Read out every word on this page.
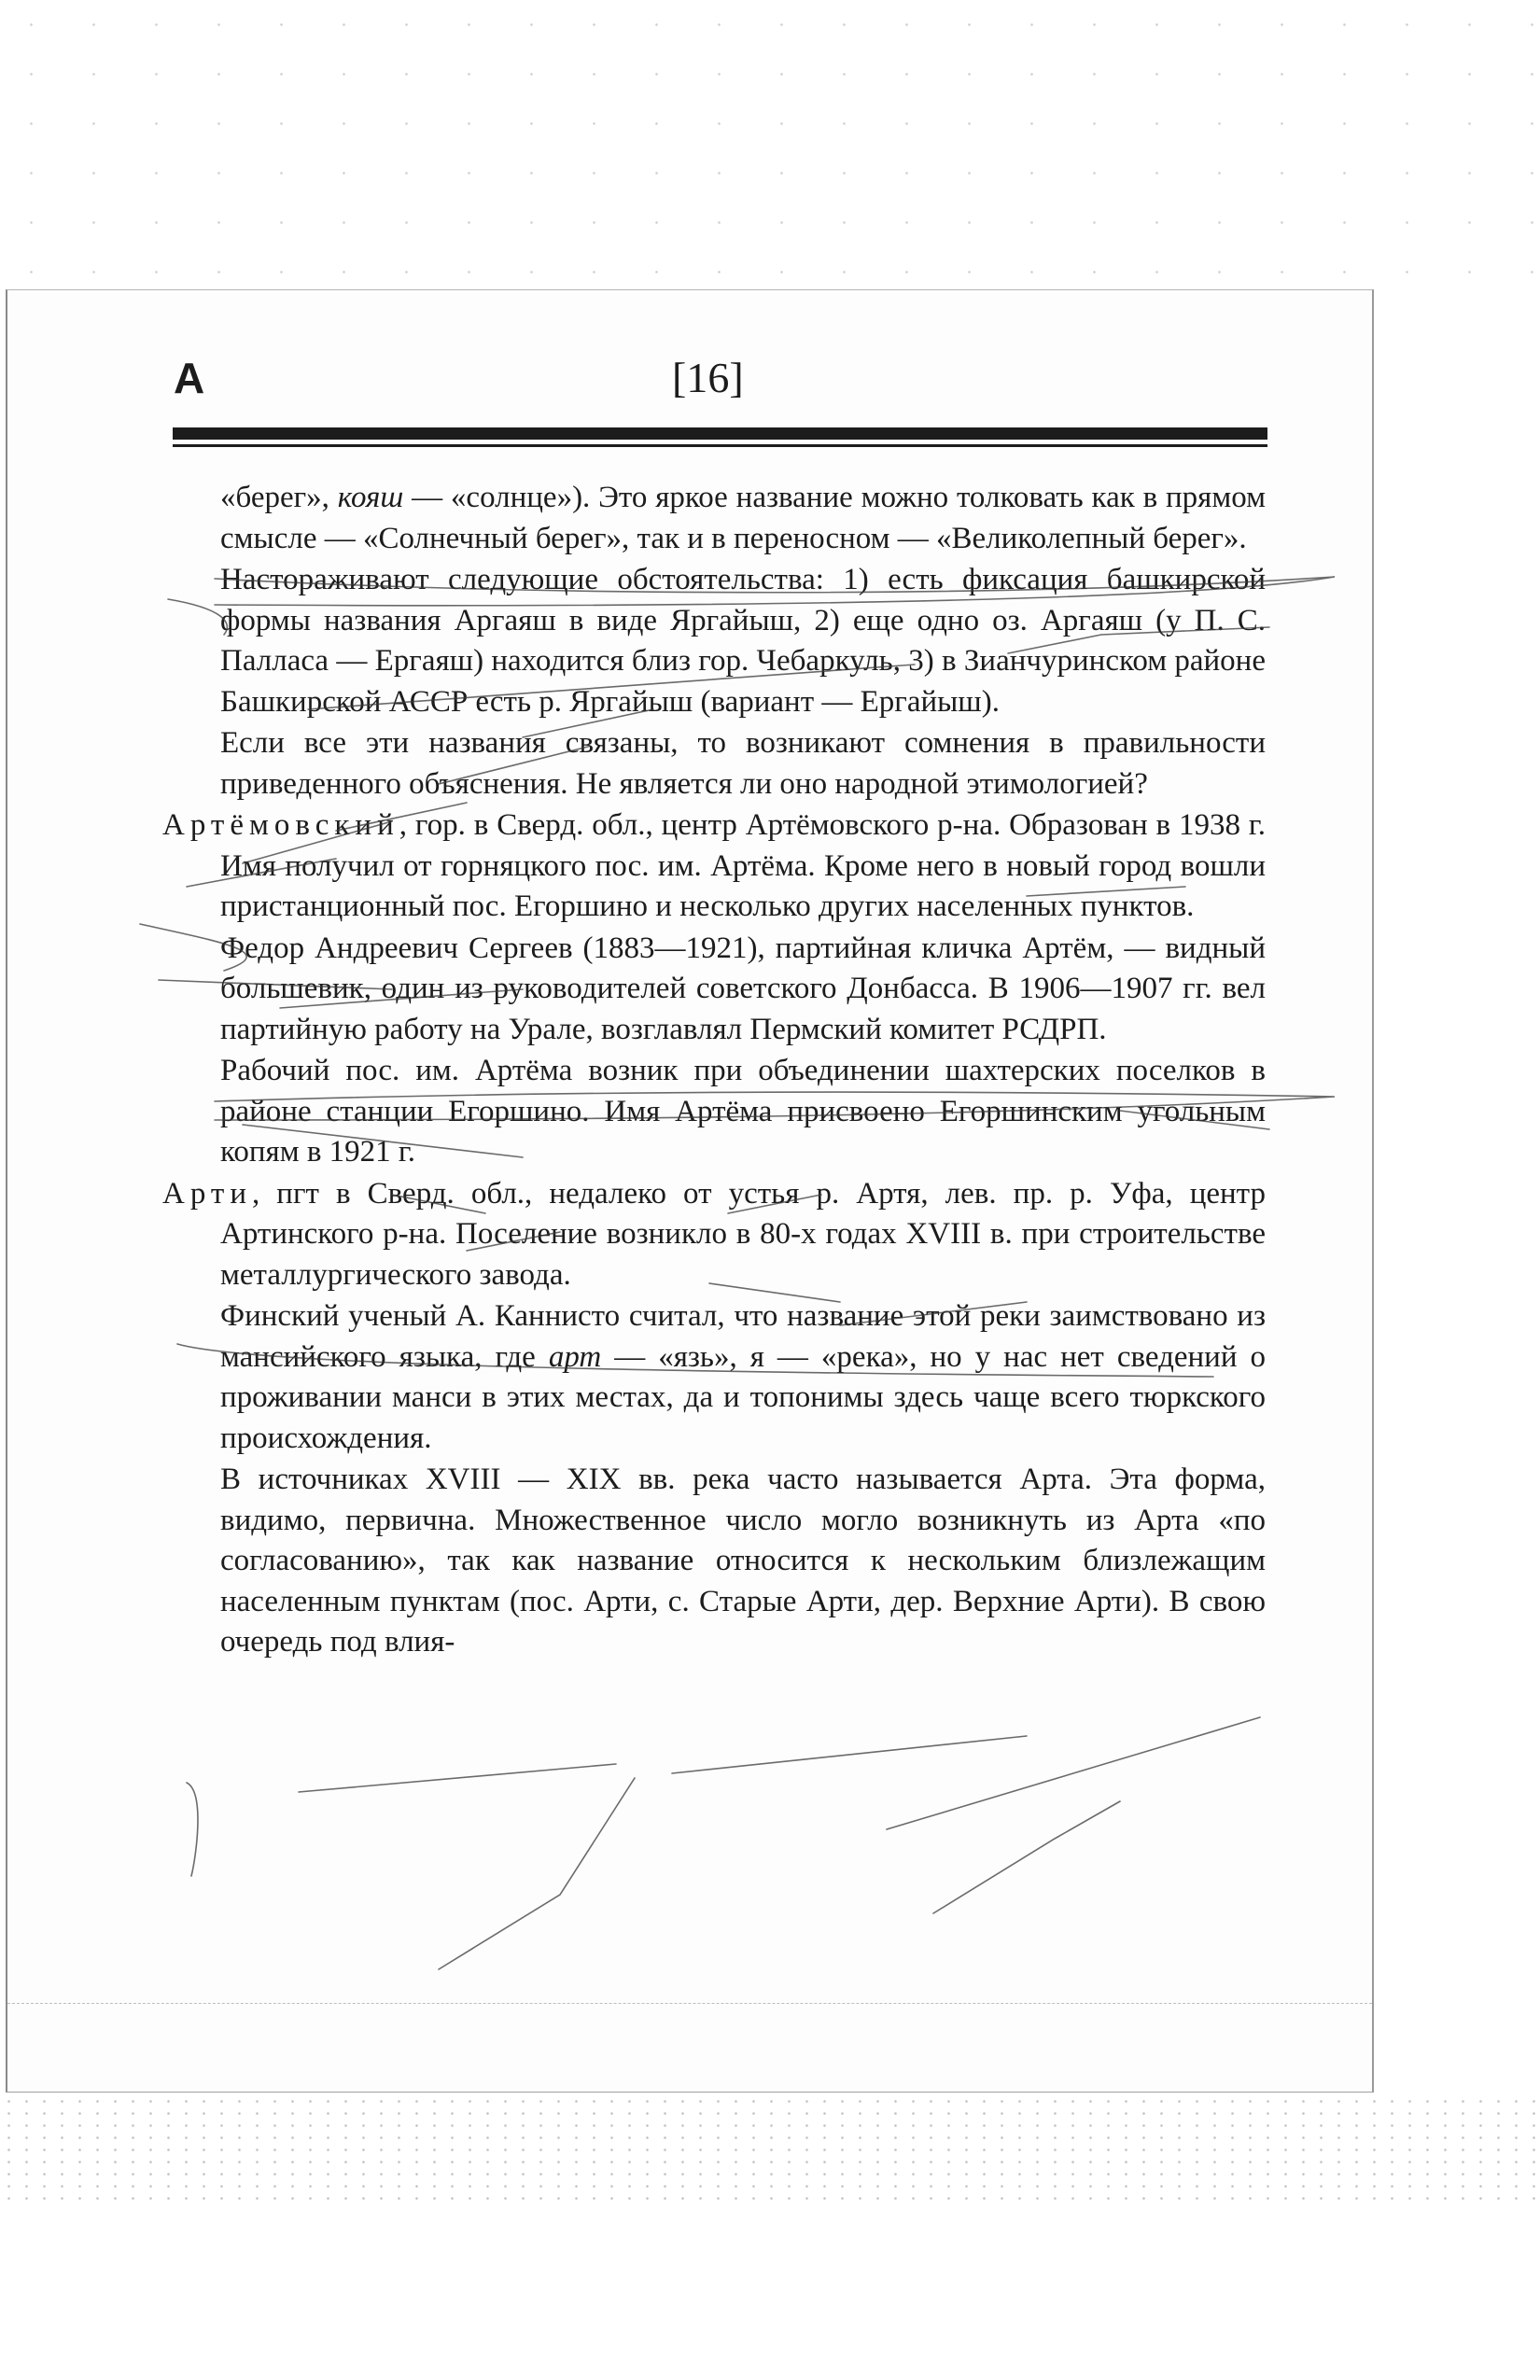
А	[16]

«берег», кояш — «солнце»). Это яркое название можно толковать как в прямом смысле — «Солнечный берег», так и в переносном — «Великолепный берег».

Настораживают следующие обстоятельства: 1) есть фиксация башкирской формы названия Аргаяш в виде Яргайыш, 2) еще одно оз. Аргаяш (у П. С. Палласа — Ергаяш) находится близ гор. Чебаркуль, 3) в Зианчуринском районе Башкирской АССР есть р. Яргайыш (вариант — Ергайыш).

Если все эти названия связаны, то возникают сомнения в правильности приведенного объяснения. Не является ли оно народной этимологией?

Артёмовский, гор. в Сверд. обл., центр Артёмовского р-на. Образован в 1938 г. Имя получил от горняцкого пос. им. Артёма. Кроме него в новый город вошли пристанционный пос. Егоршино и несколько других населенных пунктов.

Федор Андреевич Сергеев (1883—1921), партийная кличка Артём, — видный большевик, один из руководителей советского Донбасса. В 1906—1907 гг. вел партийную работу на Урале, возглавлял Пермский комитет РСДРП.

Рабочий пос. им. Артёма возник при объединении шахтерских поселков в районе станции Егоршино. Имя Артёма присвоено Егоршинским угольным копям в 1921 г.

Арти, пгт в Сверд. обл., недалеко от устья р. Артя, лев. пр. р. Уфа, центр Артинского р-на. Поселение возникло в 80-х годах XVIII в. при строительстве металлургического завода.

Финский ученый А. Каннисто считал, что название этой реки заимствовано из мансийского языка, где арт — «язь», я — «река», но у нас нет сведений о проживании манси в этих местах, да и топонимы здесь чаще всего тюркского происхождения.

В источниках XVIII — XIX вв. река часто называется Арта. Эта форма, видимо, первична. Множественное число могло возникнуть из Арта «по согласованию», так как название относится к нескольким близлежащим населенным пунктам (пос. Арти, с. Старые Арти, дер. Верхние Арти). В свою очередь под влия-
